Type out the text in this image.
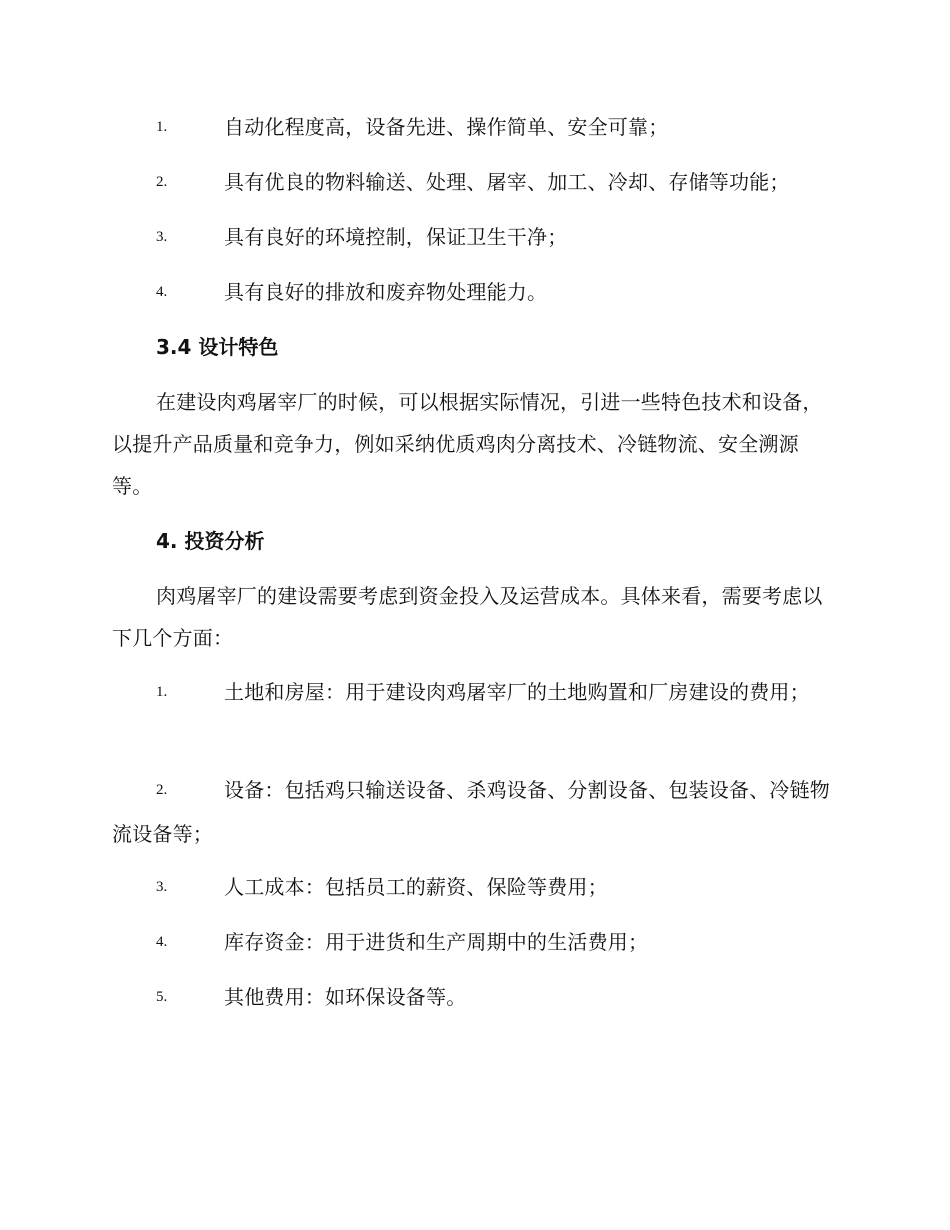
1.	自动化程度高，设备先进、操作简单、安全可靠；
2.	具有优良的物料输送、处理、屠宰、加工、冷却、存储等功能；
3.	具有良好的环境控制，保证卫生干净；
4.	具有良好的排放和废弃物处理能力。
3.4 设计特色
在建设肉鸡屠宰厂的时候，可以根据实际情况，引进一些特色技术和设备，以提升产品质量和竞争力，例如采纳优质鸡肉分离技术、冷链物流、安全溯源等。
4. 投资分析
肉鸡屠宰厂的建设需要考虑到资金投入及运营成本。具体来看，需要考虑以下几个方面：
1.	土地和房屋：用于建设肉鸡屠宰厂的土地购置和厂房建设的费用；
2.	设备：包括鸡只输送设备、杀鸡设备、分割设备、包装设备、冷链物流设备等；
3.	人工成本：包括员工的薪资、保险等费用；
4.	库存资金：用于进货和生产周期中的生活费用；
5.	其他费用：如环保设备等。
